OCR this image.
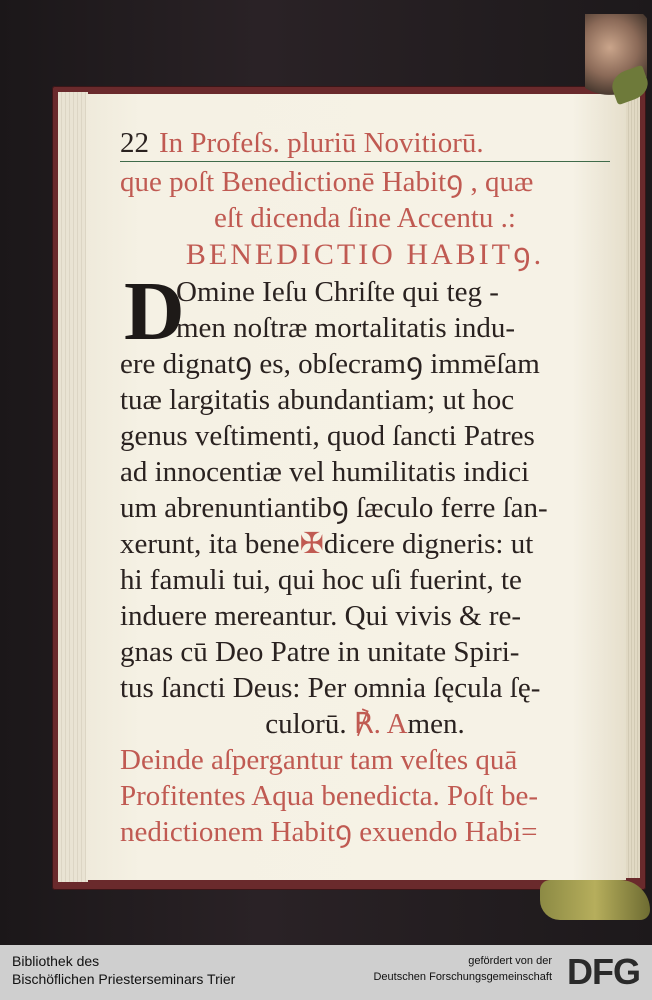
22 In Profeſs. pluriū Novitiorū.
que poſt Benedictionē Habitꝯ , quæ
eſt dicenda ſine Accentu .:
BENEDICTIO HABITꝯ.
D
Omine Ieſu Chriſte qui teg -
men noſtræ mortalitatis indu-
ere dignatꝯ es, obſecramꝯ immēſam
tuæ largitatis abundantiam; ut hoc
genus veſtimenti, quod ſancti Patres
ad innocentiæ vel humilitatis indici
um abrenuntiantibꝯ ſæculo ferre ſan-
xerunt, ita bene✠dicere digneris: ut
hi famuli tui, qui hoc uſi fuerint, te
induere mereantur. Qui vivis & re-
gnas cū Deo Patre in unitate Spiri-
tus ſancti Deus: Per omnia ſęcula ſę-
culorū. ℟. Amen.
Deinde aſpergantur tam veſtes quā
Profitentes Aqua benedicta. Poſt be-
nedictionem Habitꝯ exuendo Habi=
Bibliothek des
Bischöflichen Priesterseminars Trier
gefördert von der
Deutschen Forschungsgemeinschaft DFG
